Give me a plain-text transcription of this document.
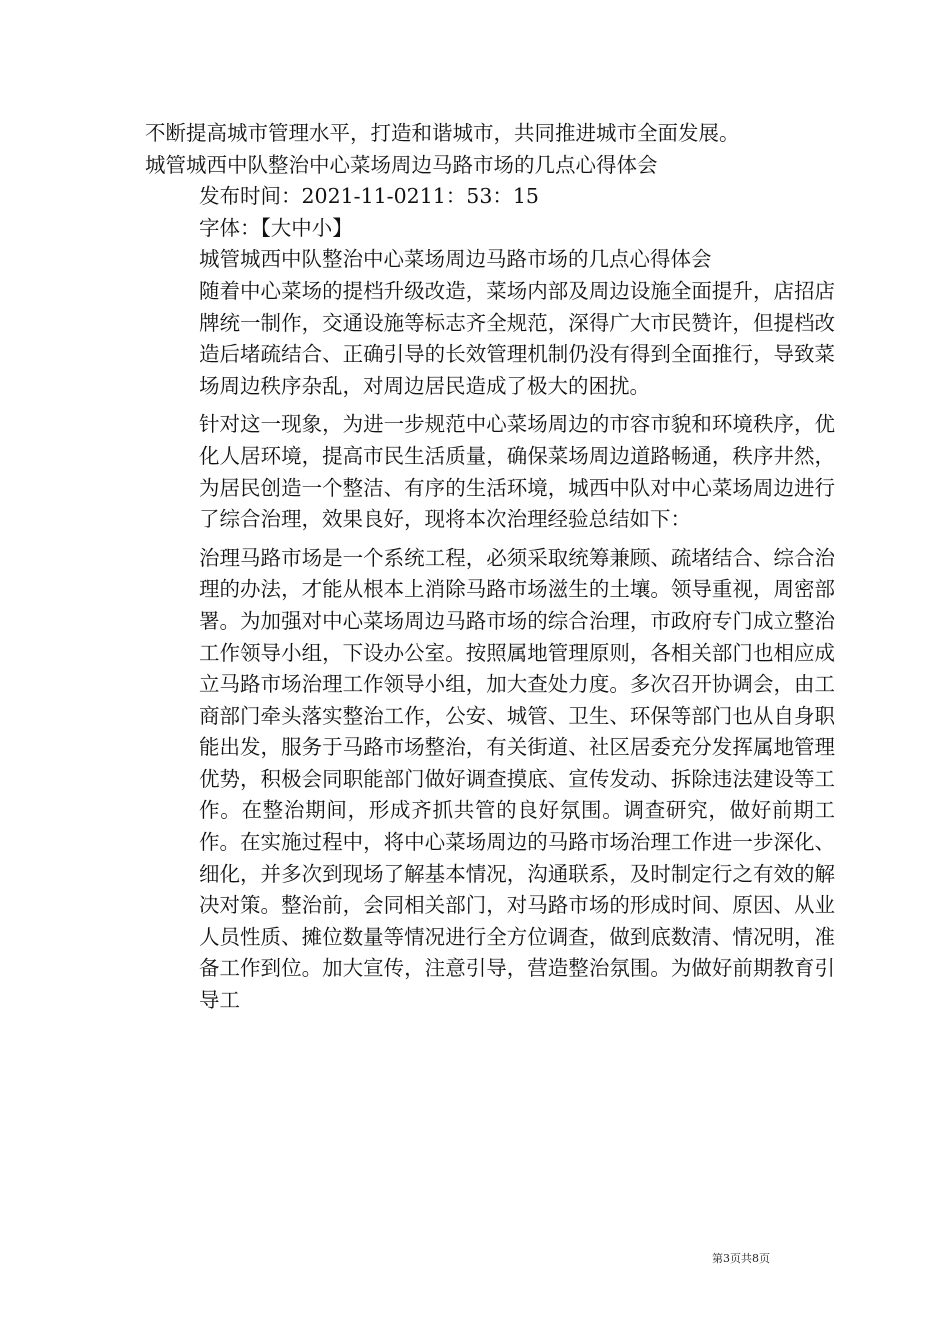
不断提高城市管理水平，打造和谐城市，共同推进城市全面发展。
城管城西中队整治中心菜场周边马路市场的几点心得体会
发布时间：2021-11-0211：53：15
字体：【大中小】
城管城西中队整治中心菜场周边马路市场的几点心得体会

随着中心菜场的提档升级改造，菜场内部及周边设施全面提升，店招店牌统一制作，交通设施等标志齐全规范，深得广大市民赞许，但提档改造后堵疏结合、正确引导的长效管理机制仍没有得到全面推行，导致菜场周边秩序杂乱，对周边居民造成了极大的困扰。

针对这一现象，为进一步规范中心菜场周边的市容市貌和环境秩序，优化人居环境，提高市民生活质量，确保菜场周边道路畅通，秩序井然，为居民创造一个整洁、有序的生活环境，城西中队对中心菜场周边进行了综合治理，效果良好，现将本次治理经验总结如下：

治理马路市场是一个系统工程，必须采取统筹兼顾、疏堵结合、综合治理的办法，才能从根本上消除马路市场滋生的土壤。领导重视，周密部署。为加强对中心菜场周边马路市场的综合治理，市政府专门成立整治工作领导小组，下设办公室。按照属地管理原则，各相关部门也相应成立马路市场治理工作领导小组，加大查处力度。多次召开协调会，由工商部门牵头落实整治工作，公安、城管、卫生、环保等部门也从自身职能出发，服务于马路市场整治，有关街道、社区居委充分发挥属地管理优势，积极会同职能部门做好调查摸底、宣传发动、拆除违法建设等工作。在整治期间，形成齐抓共管的良好氛围。调查研究，做好前期工作。在实施过程中，将中心菜场周边的马路市场治理工作进一步深化、细化，并多次到现场了解基本情况，沟通联系，及时制定行之有效的解决对策。整治前，会同相关部门，对马路市场的形成时间、原因、从业人员性质、摊位数量等情况进行全方位调查，做到底数清、情况明，准备工作到位。加大宣传，注意引导，营造整治氛围。为做好前期教育引导工

第3页共8页
